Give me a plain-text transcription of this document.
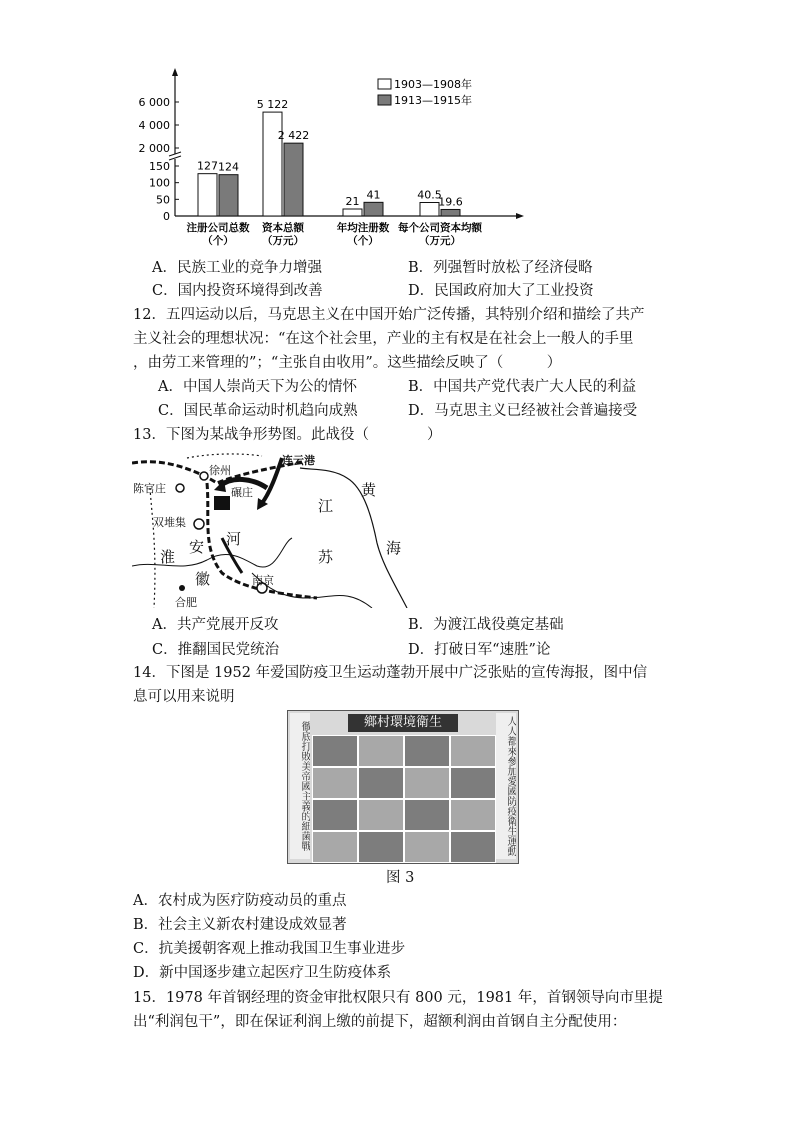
1903—1908年
1913—1915年
6 000
4 000
2 000
150
100
50
0
127 124
5 122
2 422
21
41	40.5
19.6
注册公司总数
（个）
资本总额
（万元）
年均注册数
（个）
每个公司资本均额
（万元）
A．民族工业的竞争力增强	B．列强暂时放松了经济侵略
C．国内投资环境得到改善	D．民国政府加大了工业投资
12．五四运动以后，马克思主义在中国开始广泛传播，其特别介绍和描绘了共产
主义社会的理想状况：“在这个社会里，产业的主有权是在社会上一般人的手里
，由劳工来管理的”；“主张自由收用”。这些描绘反映了（　　　）
A．中国人崇尚天下为公的情怀	B．中国共产党代表广大人民的利益
C．国民革命运动时机趋向成熟	D．马克思主义已经被社会普遍接受
13．下图为某战争形势图。此战役（　　　　）
徐州
连云港
陈官庄	碾庄
双堆集
淮
安 河
徽
合肥
南京
江
苏
黄
海
A．共产党展开反攻	B．为渡江战役奠定基础
C．推翻国民党统治	D．打破日军“速胜”论
14．下图是 1952 年爱国防疫卫生运动蓬勃开展中广泛张贴的宣传海报，图中信
息可以用来说明
徹底打敗美帝國主義的細菌戰	人人都來參加愛國防疫衛生運動
鄉村環境衛生
图 3
A．农村成为医疗防疫动员的重点
B．社会主义新农村建设成效显著
C．抗美援朝客观上推动我国卫生事业进步
D．新中国逐步建立起医疗卫生防疫体系
15．1978 年首钢经理的资金审批权限只有 800 元，1981 年，首钢领导向市里提
出“利润包干”，即在保证利润上缴的前提下，超额利润由首钢自主分配使用：
